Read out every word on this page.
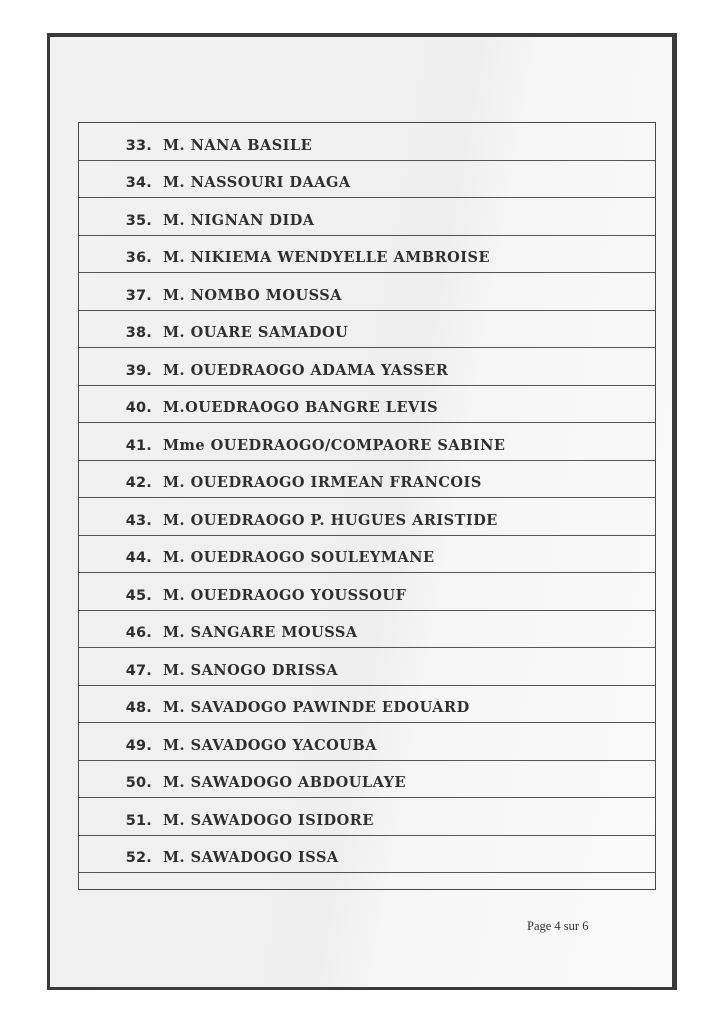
33. M. NANA BASILE
34. M. NASSOURI DAAGA
35. M. NIGNAN DIDA
36. M. NIKIEMA WENDYELLE AMBROISE
37. M. NOMBO MOUSSA
38. M. OUARE SAMADOU
39. M. OUEDRAOGO ADAMA YASSER
40. M.OUEDRAOGO BANGRE LEVIS
41. Mme OUEDRAOGO/COMPAORE SABINE
42. M. OUEDRAOGO IRMEAN FRANCOIS
43. M. OUEDRAOGO P. HUGUES ARISTIDE
44. M. OUEDRAOGO SOULEYMANE
45. M. OUEDRAOGO YOUSSOUF
46. M. SANGARE MOUSSA
47. M. SANOGO DRISSA
48. M. SAVADOGO PAWINDE EDOUARD
49. M. SAVADOGO YACOUBA
50. M. SAWADOGO ABDOULAYE
51. M. SAWADOGO ISIDORE
52. M. SAWADOGO ISSA
Page 4 sur 6
